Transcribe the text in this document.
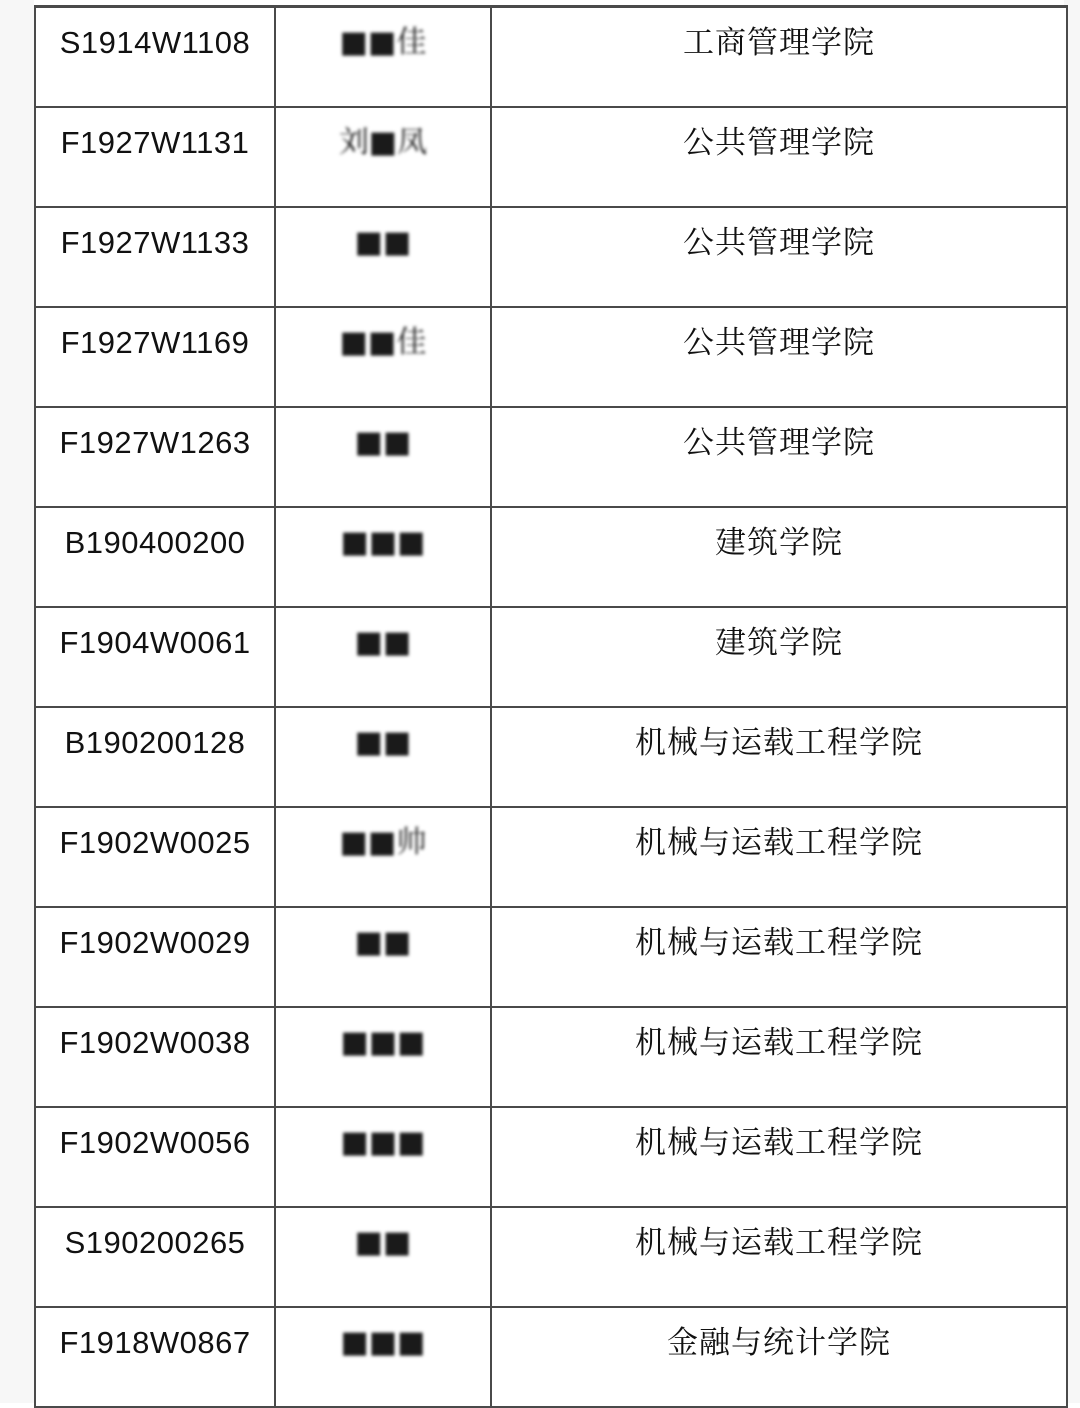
S1914W1108	■■佳	工商管理学院

F1927W1131	刘■凤	公共管理学院

F1927W1133	■■	公共管理学院

F1927W1169	■■佳	公共管理学院

F1927W1263	■■	公共管理学院

B190400200	■■■	建筑学院

F1904W0061	■■	建筑学院

B190200128	■■	机械与运载工程学院

F1902W0025	■■帅	机械与运载工程学院

F1902W0029	■■	机械与运载工程学院

F1902W0038	■■■	机械与运载工程学院

F1902W0056	■■■	机械与运载工程学院

S190200265	■■	机械与运载工程学院

F1918W0867	■■■	金融与统计学院
